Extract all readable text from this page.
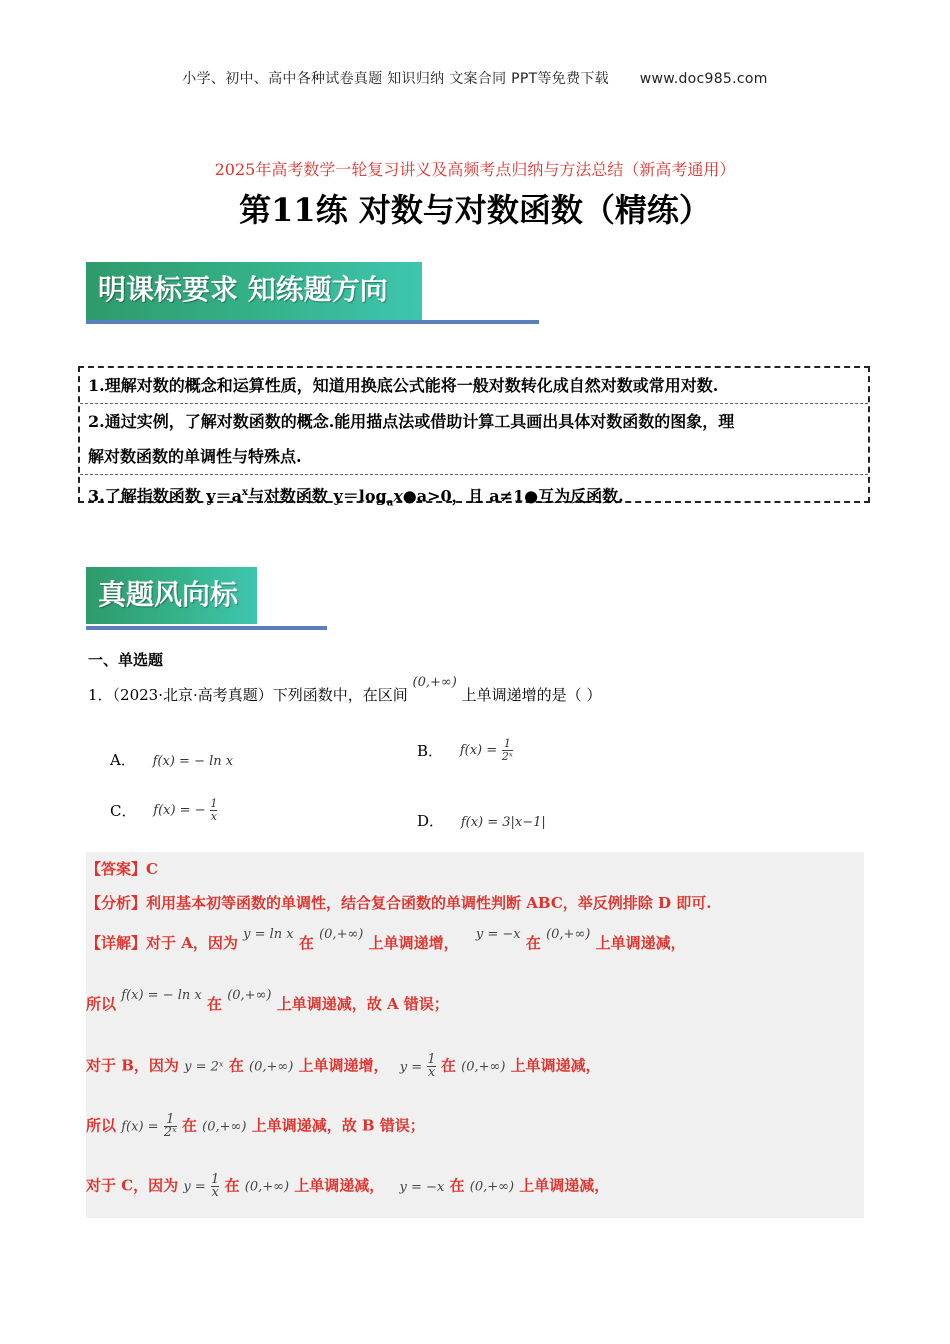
小学、初中、高中各种试卷真题 知识归纳 文案合同 PPT等免费下载 www.doc985.com
2025年高考数学一轮复习讲义及高频考点归纳与方法总结（新高考通用）
第11练 对数与对数函数（精练）
明课标要求 知练题方向

1.理解对数的概念和运算性质，知道用换底公式能将一般对数转化成自然对数或常用对数.

2.通过实例，了解对数函数的概念.能用描点法或借助计算工具画出具体对数函数的图象，理

解对数函数的单调性与特殊点.

3.了解指数函数 $y=a^x$与对数函数 $y=\log_ax●a>0$，且 a≠1●互为反函数.

真题风向标
一、单选题
1．（2023·北京·高考真题）下列函数中，在区间 (0,+∞) 上单调递增的是（ ）
A． f(x) = − ln x
B． $f(x) = \frac{1}{\text{2ˣ}}$
C． f(x) = − $\frac{1}{x}$	D． f(x) = 3|x−1|
【答案】C
【分析】利用基本初等函数的单调性，结合复合函数的单调性判断 ABC，举反例排除 D 即可.
【详解】对于 A，因为 y = ln x 在 (0,+∞) 上单调递增， y = −x 在 (0,+∞) 上单调递减，
所以 f(x) = − ln x 在 (0,+∞) 上单调递减，故 A 错误；
对于 B，因为 y = 2ˣ 在 (0,+∞) 上单调递增， $y = \frac{1}{x}$ 在 (0,+∞) 上单调递减，
所以 $f(x) = \frac{1}{\text{2ˣ}}$ 在 (0,+∞) 上单调递减，故 B 错误；
对于 C，因为 $y = \frac{1}{x}$ 在 (0,+∞) 上单调递减， y = −x 在 (0,+∞) 上单调递减，
